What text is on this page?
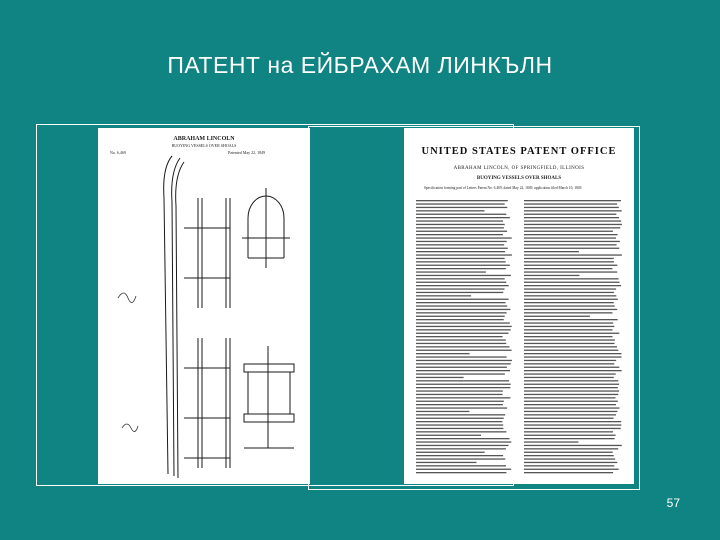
ПАТЕНТ на ЕЙБРАХАМ ЛИНКЪЛН
ABRAHAM LINCOLN
BUOYING VESSELS OVER SHOALS
No. 6,469	Patented May 22, 1849	UNITED STATES PATENT OFFICE
ABRAHAM LINCOLN, OF SPRINGFIELD, ILLINOIS
BUOYING VESSELS OVER SHOALS
Specification forming part of Letters Patent No. 6,469, dated May 22, 1849; application filed March 10, 1849.
57
